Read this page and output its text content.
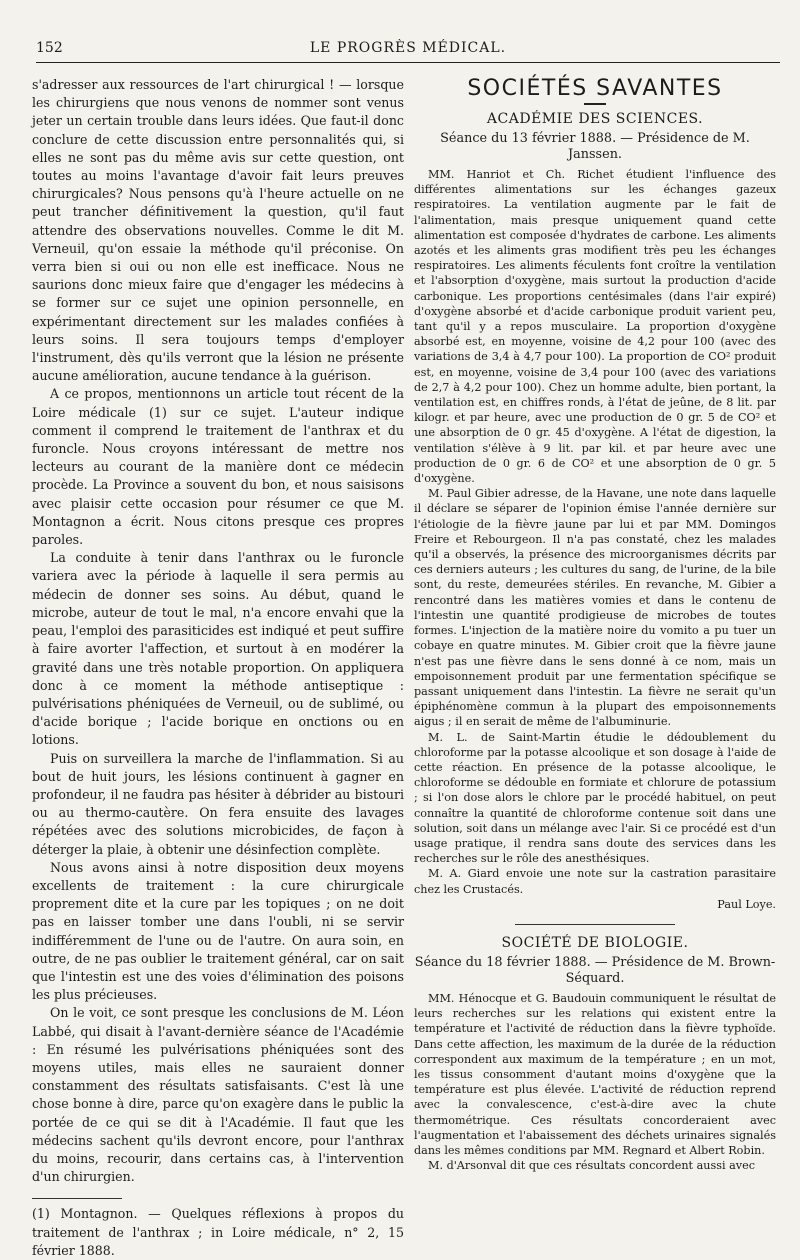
152	LE PROGRÈS MÉDICAL.

s'adresser aux ressources de l'art chirurgical ! — lorsque les chirurgiens que nous venons de nommer sont venus jeter un certain trouble dans leurs idées. Que faut-il donc conclure de cette discussion entre personnalités qui, si elles ne sont pas du même avis sur cette question, ont toutes au moins l'avantage d'avoir fait leurs preuves chirurgicales? Nous pensons qu'à l'heure actuelle on ne peut trancher définitivement la question, qu'il faut attendre des observations nouvelles. Comme le dit M. Verneuil, qu'on essaie la méthode qu'il préconise. On verra bien si oui ou non elle est inefficace. Nous ne saurions donc mieux faire que d'engager les médecins à se former sur ce sujet une opinion personnelle, en expérimentant directement sur les malades confiées à leurs soins. Il sera toujours temps d'employer l'instrument, dès qu'ils verront que la lésion ne présente aucune amélioration, aucune tendance à la guérison.

A ce propos, mentionnons un article tout récent de la Loire médicale (1) sur ce sujet. L'auteur indique comment il comprend le traitement de l'anthrax et du furoncle. Nous croyons intéressant de mettre nos lecteurs au courant de la manière dont ce médecin procède. La Province a souvent du bon, et nous saisisons avec plaisir cette occasion pour résumer ce que M. Montagnon a écrit. Nous citons presque ces propres paroles.

La conduite à tenir dans l'anthrax ou le furoncle variera avec la période à laquelle il sera permis au médecin de donner ses soins. Au début, quand le microbe, auteur de tout le mal, n'a encore envahi que la peau, l'emploi des parasiticides est indiqué et peut suffire à faire avorter l'affection, et surtout à en modérer la gravité dans une très notable proportion. On appliquera donc à ce moment la méthode antiseptique : pulvérisations phéniquées de Verneuil, ou de sublimé, ou d'acide borique ; l'acide borique en onctions ou en lotions.

Puis on surveillera la marche de l'inflammation. Si au bout de huit jours, les lésions continuent à gagner en profondeur, il ne faudra pas hésiter à débrider au bistouri ou au thermo-cautère. On fera ensuite des lavages répétées avec des solutions microbicides, de façon à déterger la plaie, à obtenir une désinfection complète.

Nous avons ainsi à notre disposition deux moyens excellents de traitement : la cure chirurgicale proprement dite et la cure par les topiques ; on ne doit pas en laisser tomber une dans l'oubli, ni se servir indifféremment de l'une ou de l'autre. On aura soin, en outre, de ne pas oublier le traitement général, car on sait que l'intestin est une des voies d'élimination des poisons les plus précieuses.

On le voit, ce sont presque les conclusions de M. Léon Labbé, qui disait à l'avant-dernière séance de l'Académie : En résumé les pulvérisations phéniquées sont des moyens utiles, mais elles ne sauraient donner constamment des résultats satisfaisants. C'est là une chose bonne à dire, parce qu'on exagère dans le public la portée de ce qui se dit à l'Académie. Il faut que les médecins sachent qu'ils devront encore, pour l'anthrax du moins, recourir, dans certains cas, à l'intervention d'un chirurgien.

(1) Montagnon. — Quelques réflexions à propos du traitement de l'anthrax ; in Loire médicale, n° 2, 15 février 1888.

SOCIÉTÉS SAVANTES
ACADÉMIE DES SCIENCES.
Séance du 13 février 1888. — Présidence de M. Janssen.

MM. Hanriot et Ch. Richet étudient l'influence des différentes alimentations sur les échanges gazeux respiratoires. La ventilation augmente par le fait de l'alimentation, mais presque uniquement quand cette alimentation est composée d'hydrates de carbone. Les aliments azotés et les aliments gras modifient très peu les échanges respiratoires. Les aliments féculents font croître la ventilation et l'absorption d'oxygène, mais surtout la production d'acide carbonique. Les proportions centésimales (dans l'air expiré) d'oxygène absorbé et d'acide carbonique produit varient peu, tant qu'il y a repos musculaire. La proportion d'oxygène absorbé est, en moyenne, voisine de 4,2 pour 100 (avec des variations de 3,4 à 4,7 pour 100). La proportion de CO² produit est, en moyenne, voisine de 3,4 pour 100 (avec des variations de 2,7 à 4,2 pour 100). Chez un homme adulte, bien portant, la ventilation est, en chiffres ronds, à l'état de jeûne, de 8 lit. par kilogr. et par heure, avec une production de 0 gr. 5 de CO² et une absorption de 0 gr. 45 d'oxygène. A l'état de digestion, la ventilation s'élève à 9 lit. par kil. et par heure avec une production de 0 gr. 6 de CO² et une absorption de 0 gr. 5 d'oxygène.

M. Paul Gibier adresse, de la Havane, une note dans laquelle il déclare se séparer de l'opinion émise l'année dernière sur l'étiologie de la fièvre jaune par lui et par MM. Domingos Freire et Rebourgeon. Il n'a pas constaté, chez les malades qu'il a observés, la présence des microorganismes décrits par ces derniers auteurs ; les cultures du sang, de l'urine, de la bile sont, du reste, demeurées stériles. En revanche, M. Gibier a rencontré dans les matières vomies et dans le contenu de l'intestin une quantité prodigieuse de microbes de toutes formes. L'injection de la matière noire du vomito a pu tuer un cobaye en quatre minutes. M. Gibier croit que la fièvre jaune n'est pas une fièvre dans le sens donné à ce nom, mais un empoisonnement produit par une fermentation spécifique se passant uniquement dans l'intestin. La fièvre ne serait qu'un épiphénomène commun à la plupart des empoisonnements aigus ; il en serait de même de l'albuminurie.

M. L. de Saint-Martin étudie le dédoublement du chloroforme par la potasse alcoolique et son dosage à l'aide de cette réaction. En présence de la potasse alcoolique, le chloroforme se dédouble en formiate et chlorure de potassium ; si l'on dose alors le chlore par le procédé habituel, on peut connaître la quantité de chloroforme contenue soit dans une solution, soit dans un mélange avec l'air. Si ce procédé est d'un usage pratique, il rendra sans doute des services dans les recherches sur le rôle des anesthésiques.

M. A. Giard envoie une note sur la castration parasitaire chez les Crustacés.

Paul Loye.

SOCIÉTÉ DE BIOLOGIE.
Séance du 18 février 1888. — Présidence de M. Brown-Séquard.

MM. Hénocque et G. Baudouin communiquent le résultat de leurs recherches sur les relations qui existent entre la température et l'activité de réduction dans la fièvre typhoïde. Dans cette affection, les maximum de la durée de la réduction correspondent aux maximum de la température ; en un mot, les tissus consomment d'autant moins d'oxygène que la température est plus élevée. L'activité de réduction reprend avec la convalescence, c'est-à-dire avec la chute thermométrique. Ces résultats concorderaient avec l'augmentation et l'abaissement des déchets urinaires signalés dans les mêmes conditions par MM. Regnard et Albert Robin.

M. d'Arsonval dit que ces résultats concordent aussi avec
